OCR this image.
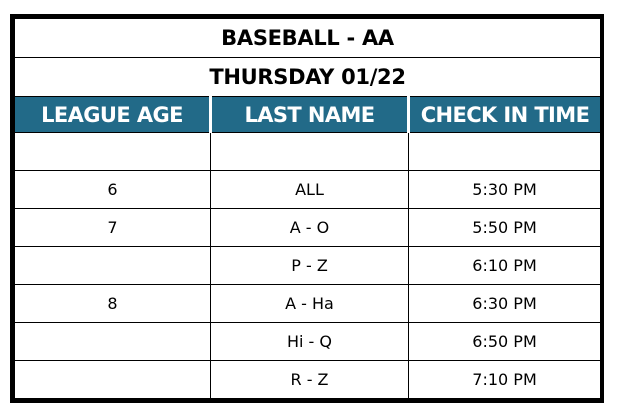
BASEBALL - AA		
THURSDAY 01/22		
LEAGUE AGE	LAST NAME	CHECK IN TIME

6	ALL	5:30 PM
7	A - O	5:50 PM
	P - Z	6:10 PM
8	A - Ha	6:30 PM
	Hi - Q	6:50 PM
	R - Z	7:10 PM
